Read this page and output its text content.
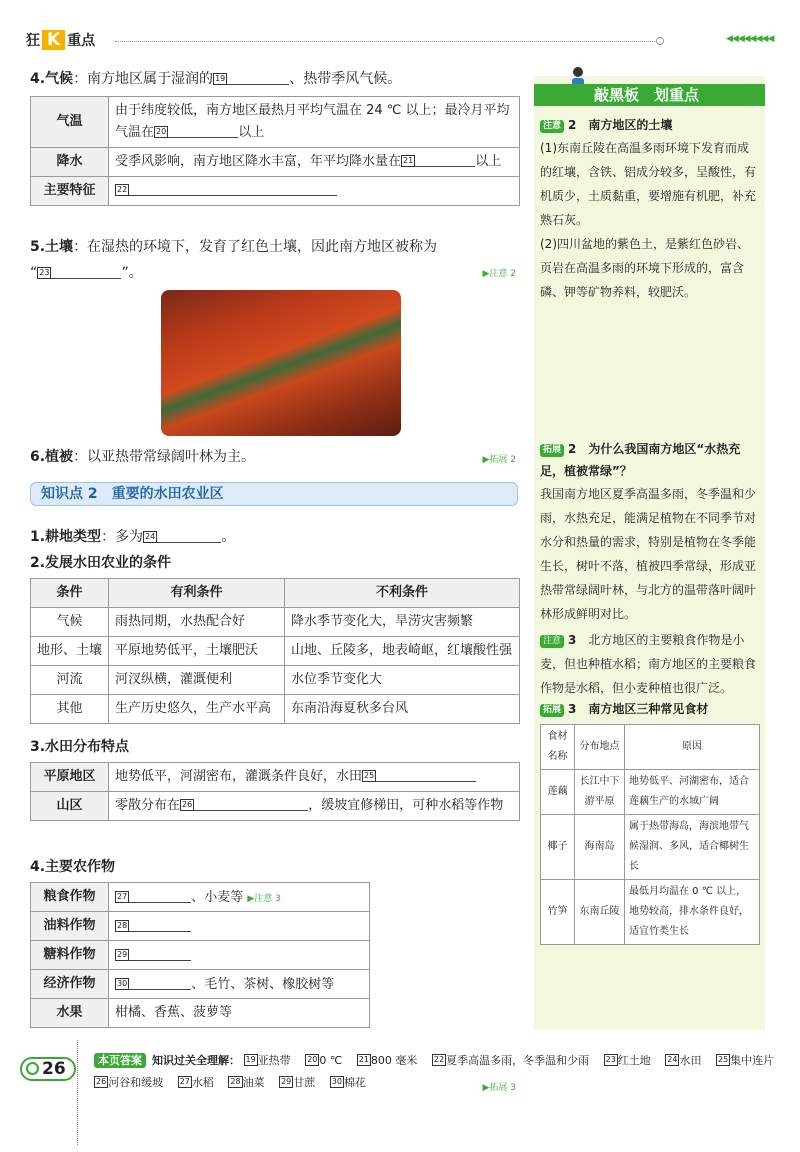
狂 K 重点	◀◀◀◀◀◀◀◀
4.气候：南方地区属于湿润的 19	、热带季风气候。
气温	由于纬度较低，南方地区最热月平均气温在 24 ℃ 以上；最冷月平均气温在 20 以上
降水	受季风影响，南方地区降水丰富，年平均降水量在 21 以上
主要特征	22
5.土壤：在湿热的环境下，发育了红色土壤，因此南方地区被称为
“ 23	”。	▶注意 2
6.植被：以亚热带常绿阔叶林为主。	▶拓展 2
知识点 2　重要的水田农业区
1.耕地类型：多为 24	。
2.发展水田农业的条件
条件	有利条件	不利条件
气候	雨热同期，水热配合好	降水季节变化大，旱涝灾害频繁
地形、土壤	平原地势低平，土壤肥沃	山地、丘陵多，地表崎岖，红壤酸性强
河流	河汊纵横，灌溉便利	水位季节变化大
其他	生产历史悠久，生产水平高	东南沿海夏秋多台风
3.水田分布特点
平原地区	地势低平，河湖密布，灌溉条件良好，水田 25
山区	零散分布在 26 ，缓坡宜修梯田，可种水稻等作物
4.主要农作物
粮食作物	27 、小麦等 ▶注意 3
油料作物	28
糖料作物	29
经济作物	30 、毛竹、茶树、橡胶树等
水果	柑橘、香蕉、菠萝等
▶拓展 3
敲黑板　划重点
注意 2　南方地区的土壤
(1)东南丘陵在高温多雨环境下发育而成的红壤，含铁、铝成分较多，呈酸性，有机质少，土质黏重，要增施有机肥，补充熟石灰。
(2)四川盆地的紫色土，是紫红色砂岩、页岩在高温多雨的环境下形成的，富含磷、钾等矿物养料，较肥沃。
拓展 2　为什么我国南方地区“水热充足，植被常绿”？
我国南方地区夏季高温多雨，冬季温和少雨，水热充足，能满足植物在不同季节对水分和热量的需求，特别是植物在冬季能生长，树叶不落，植被四季常绿，形成亚热带常绿阔叶林，与北方的温带落叶阔叶林形成鲜明对比。
注意 3　 北方地区的主要粮食作物是小麦，但也种植水稻；南方地区的主要粮食作物是水稻，但小麦种植也很广泛。
拓展 3　南方地区三种常见食材
食材名称	分布地点	原因
莲藕	长江中下游平原	地势低平、河湖密布，适合莲藕生产的水域广阔
椰子	海南岛	属于热带海岛，海滨地带气候湿润、多风，适合椰树生长
竹笋	东南丘陵	最低月均温在 0 ℃ 以上，地势较高，排水条件良好，适宜竹类生长
26	本页答案 知识过关全理解： 19 亚热带 　 20 0 ℃ 　 21 800 毫米 　 22 夏季高温多雨，冬季温和少雨 　 23 红土地 　 24 水田 　 25 集中连片 　26 河谷和缓坡 　 27 水稻 　 28 油菜 　 29 甘蔗 　 30 棉花
